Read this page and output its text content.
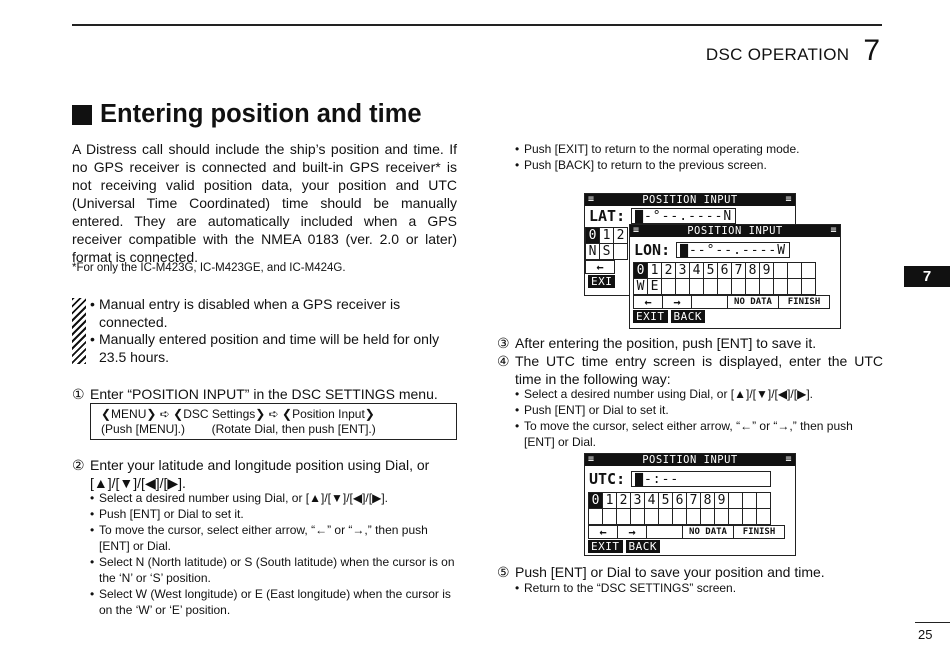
DSC OPERATION 7
7
Entering position and time
A Distress call should include the ship’s position and time. If no GPS receiver is connected and built-in GPS receiver* is not receiving valid position data, your position and UTC (Universal Time Coordinated) time should be manually entered. They are automatically included when a GPS receiver compatible with the NMEA 0183 (ver. 2.0 or later) format is connected.
*For only the IC-M423G, IC-M423GE, and IC-M424G.
• Manual entry is disabled when a GPS receiver is connected.
• Manually entered position and time will be held for only 23.5 hours.
① Enter “POSITION INPUT” in the DSC SETTINGS menu.
❮MENU❯ ➪ ❮DSC Settings❯ ➪ ❮Position Input❯
(Push [MENU].)        (Rotate Dial, then push [ENT].)
② Enter your latitude and longitude position using Dial, or [▲]/[▼]/[◀]/[▶].
• Select a desired number using Dial, or [▲]/[▼]/[◀]/[▶].
• Push [ENT] or Dial to set it.
• To move the cursor, select either arrow, “←” or “→,” then push [ENT] or Dial.
• Select N (North latitude) or S (South latitude) when the cursor is on the ‘N’ or ‘S’ position.
• Select W (West longitude) or E (East longitude) when the cursor is on the ‘W’ or ‘E’ position.
• Push [EXIT] to return to the normal operating mode.
• Push [BACK] to return to the previous screen.
≡ POSITION INPUT ≡
LAT: ▇-°--.----N
0 1 2
N S
←
EXI
≡ POSITION INPUT ≡
LON: ▇--°--.----W
0 1 2 3 4 5 6 7 8 9
W E
←	→	NO DATA	FINISH
EXIT BACK
③ After entering the position, push [ENT] to save it.
④ The UTC time entry screen is displayed, enter the UTC time in the following way:
• Select a desired number using Dial, or [▲]/[▼]/[◀]/[▶].
• Push [ENT] or Dial to set it.
• To move the cursor, select either arrow, “←” or “→,” then push [ENT] or Dial.
≡ POSITION INPUT ≡
UTC: ▇-:--
0 1 2 3 4 5 6 7 8 9
←	→	NO DATA	FINISH
EXIT BACK
⑤ Push [ENT] or Dial to save your position and time.
• Return to the “DSC SETTINGS” screen.
25
